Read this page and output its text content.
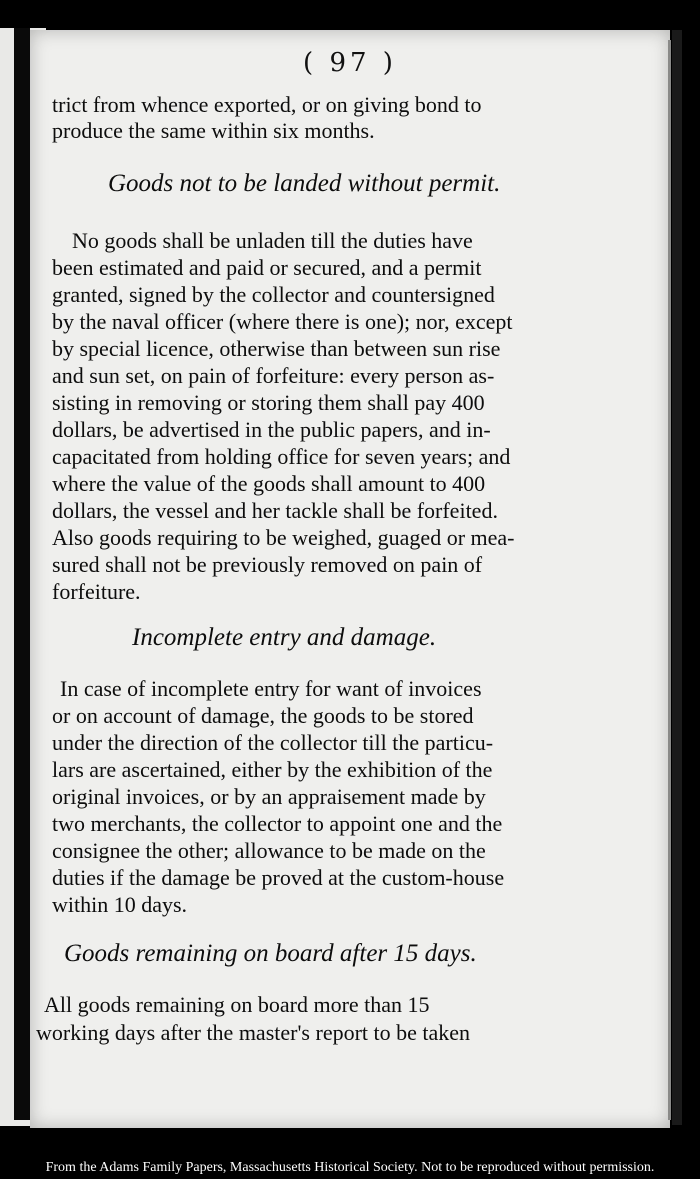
( 97 )
trict from whence exported, or on giving bond to
produce the same within six months.
Goods not to be landed without permit.
No goods shall be unladen till the duties have
been estimated and paid or secured, and a permit
granted, signed by the collector and countersigned
by the naval officer (where there is one); nor, except
by special licence, otherwise than between sun rise
and sun set, on pain of forfeiture: every person as-
sisting in removing or storing them shall pay 400
dollars, be advertised in the public papers, and in-
capacitated from holding office for seven years; and
where the value of the goods shall amount to 400
dollars, the vessel and her tackle shall be forfeited.
Also goods requiring to be weighed, guaged or mea-
sured shall not be previously removed on pain of
forfeiture.
Incomplete entry and damage.
In case of incomplete entry for want of invoices
or on account of damage, the goods to be stored
under the direction of the collector till the particu-
lars are ascertained, either by the exhibition of the
original invoices, or by an appraisement made by
two merchants, the collector to appoint one and the
consignee the other; allowance to be made on the
duties if the damage be proved at the custom-house
within 10 days.
Goods remaining on board after 15 days.
All goods remaining on board more than 15
working days after the master's report to be taken
From the Adams Family Papers, Massachusetts Historical Society. Not to be reproduced without permission.
